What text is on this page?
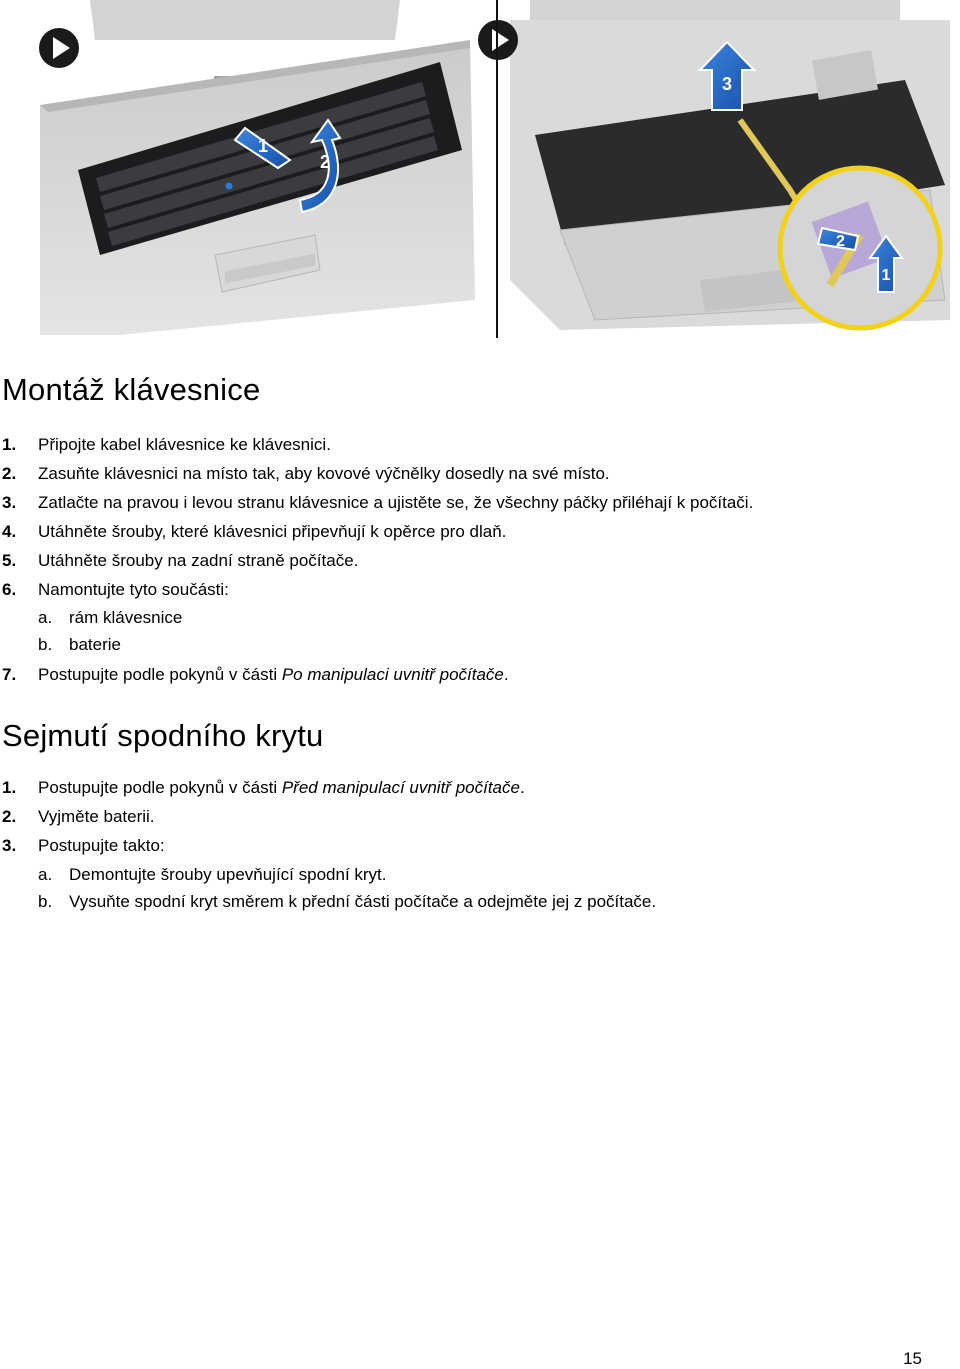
1
2
3
2
1
Montáž klávesnice
1. Připojte kabel klávesnice ke klávesnici.
2. Zasuňte klávesnici na místo tak, aby kovové výčnělky dosedly na své místo.
3. Zatlačte na pravou i levou stranu klávesnice a ujistěte se, že všechny páčky přiléhají k počítači.
4. Utáhněte šrouby, které klávesnici připevňují k opěrce pro dlaň.
5. Utáhněte šrouby na zadní straně počítače.
6. Namontujte tyto součásti:
a. rám klávesnice
b. baterie
7. Postupujte podle pokynů v části Po manipulaci uvnitř počítače.
Sejmutí spodního krytu
1. Postupujte podle pokynů v části Před manipulací uvnitř počítače.
2. Vyjměte baterii.
3. Postupujte takto:
a. Demontujte šrouby upevňující spodní kryt.
b. Vysuňte spodní kryt směrem k přední části počítače a odejměte jej z počítače.
15
